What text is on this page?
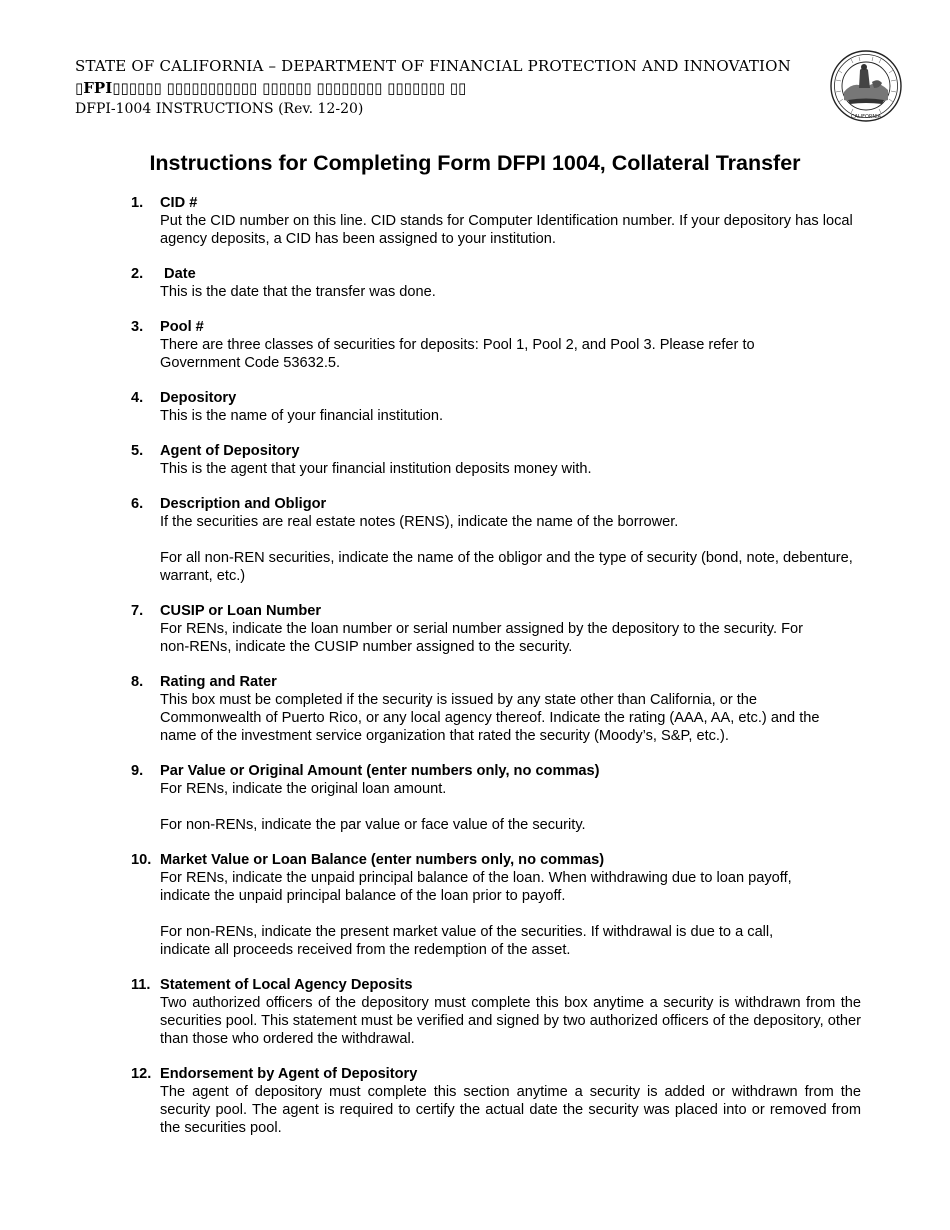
STATE OF CALIFORNIA – DEPARTMENT OF FINANCIAL PROTECTION AND INNOVATION
▯FPI▯▯▯▯▯▯ ▯▯▯▯▯▯▯▯▯▯▯ ▯▯▯▯▯▯ ▯▯▯▯▯▯▯▯ ▯▯▯▯▯▯▯ ▯▯
DFPI-1004 INSTRUCTIONS (Rev. 12-20)	CALIFORNIA
Instructions for Completing Form DFPI 1004, Collateral Transfer
1. CID #

Put the CID number on this line. CID stands for Computer Identification number. If your depository has local agency deposits, a CID has been assigned to your institution.

2. Date

This is the date that the transfer was done.

3. Pool #

There are three classes of securities for deposits: Pool 1, Pool 2, and Pool 3. Please refer to Government Code 53632.5.

4. Depository

This is the name of your financial institution.

5. Agent of Depository

This is the agent that your financial institution deposits money with.

6. Description and Obligor

If the securities are real estate notes (RENS), indicate the name of the borrower.

For all non-REN securities, indicate the name of the obligor and the type of security (bond, note, debenture, warrant, etc.)

7. CUSIP or Loan Number

For RENs, indicate the loan number or serial number assigned by the depository to the security. For non-RENs, indicate the CUSIP number assigned to the security.

8. Rating and Rater

This box must be completed if the security is issued by any state other than California, or the Commonwealth of Puerto Rico, or any local agency thereof. Indicate the rating (AAA, AA, etc.) and the name of the investment service organization that rated the security (Moody’s, S&P, etc.).

9. Par Value or Original Amount (enter numbers only, no commas)

For RENs, indicate the original loan amount.

For non-RENs, indicate the par value or face value of the security.

10. Market Value or Loan Balance (enter numbers only, no commas)

For RENs, indicate the unpaid principal balance of the loan. When withdrawing due to loan payoff, indicate the unpaid principal balance of the loan prior to payoff.

For non-RENs, indicate the present market value of the securities. If withdrawal is due to a call, indicate all proceeds received from the redemption of the asset.

11. Statement of Local Agency Deposits

Two authorized officers of the depository must complete this box anytime a security is withdrawn from the securities pool. This statement must be verified and signed by two authorized officers of the depository, other than those who ordered the withdrawal.

12. Endorsement by Agent of Depository

The agent of depository must complete this section anytime a security is added or withdrawn from the security pool. The agent is required to certify the actual date the security was placed into or removed from the securities pool.
